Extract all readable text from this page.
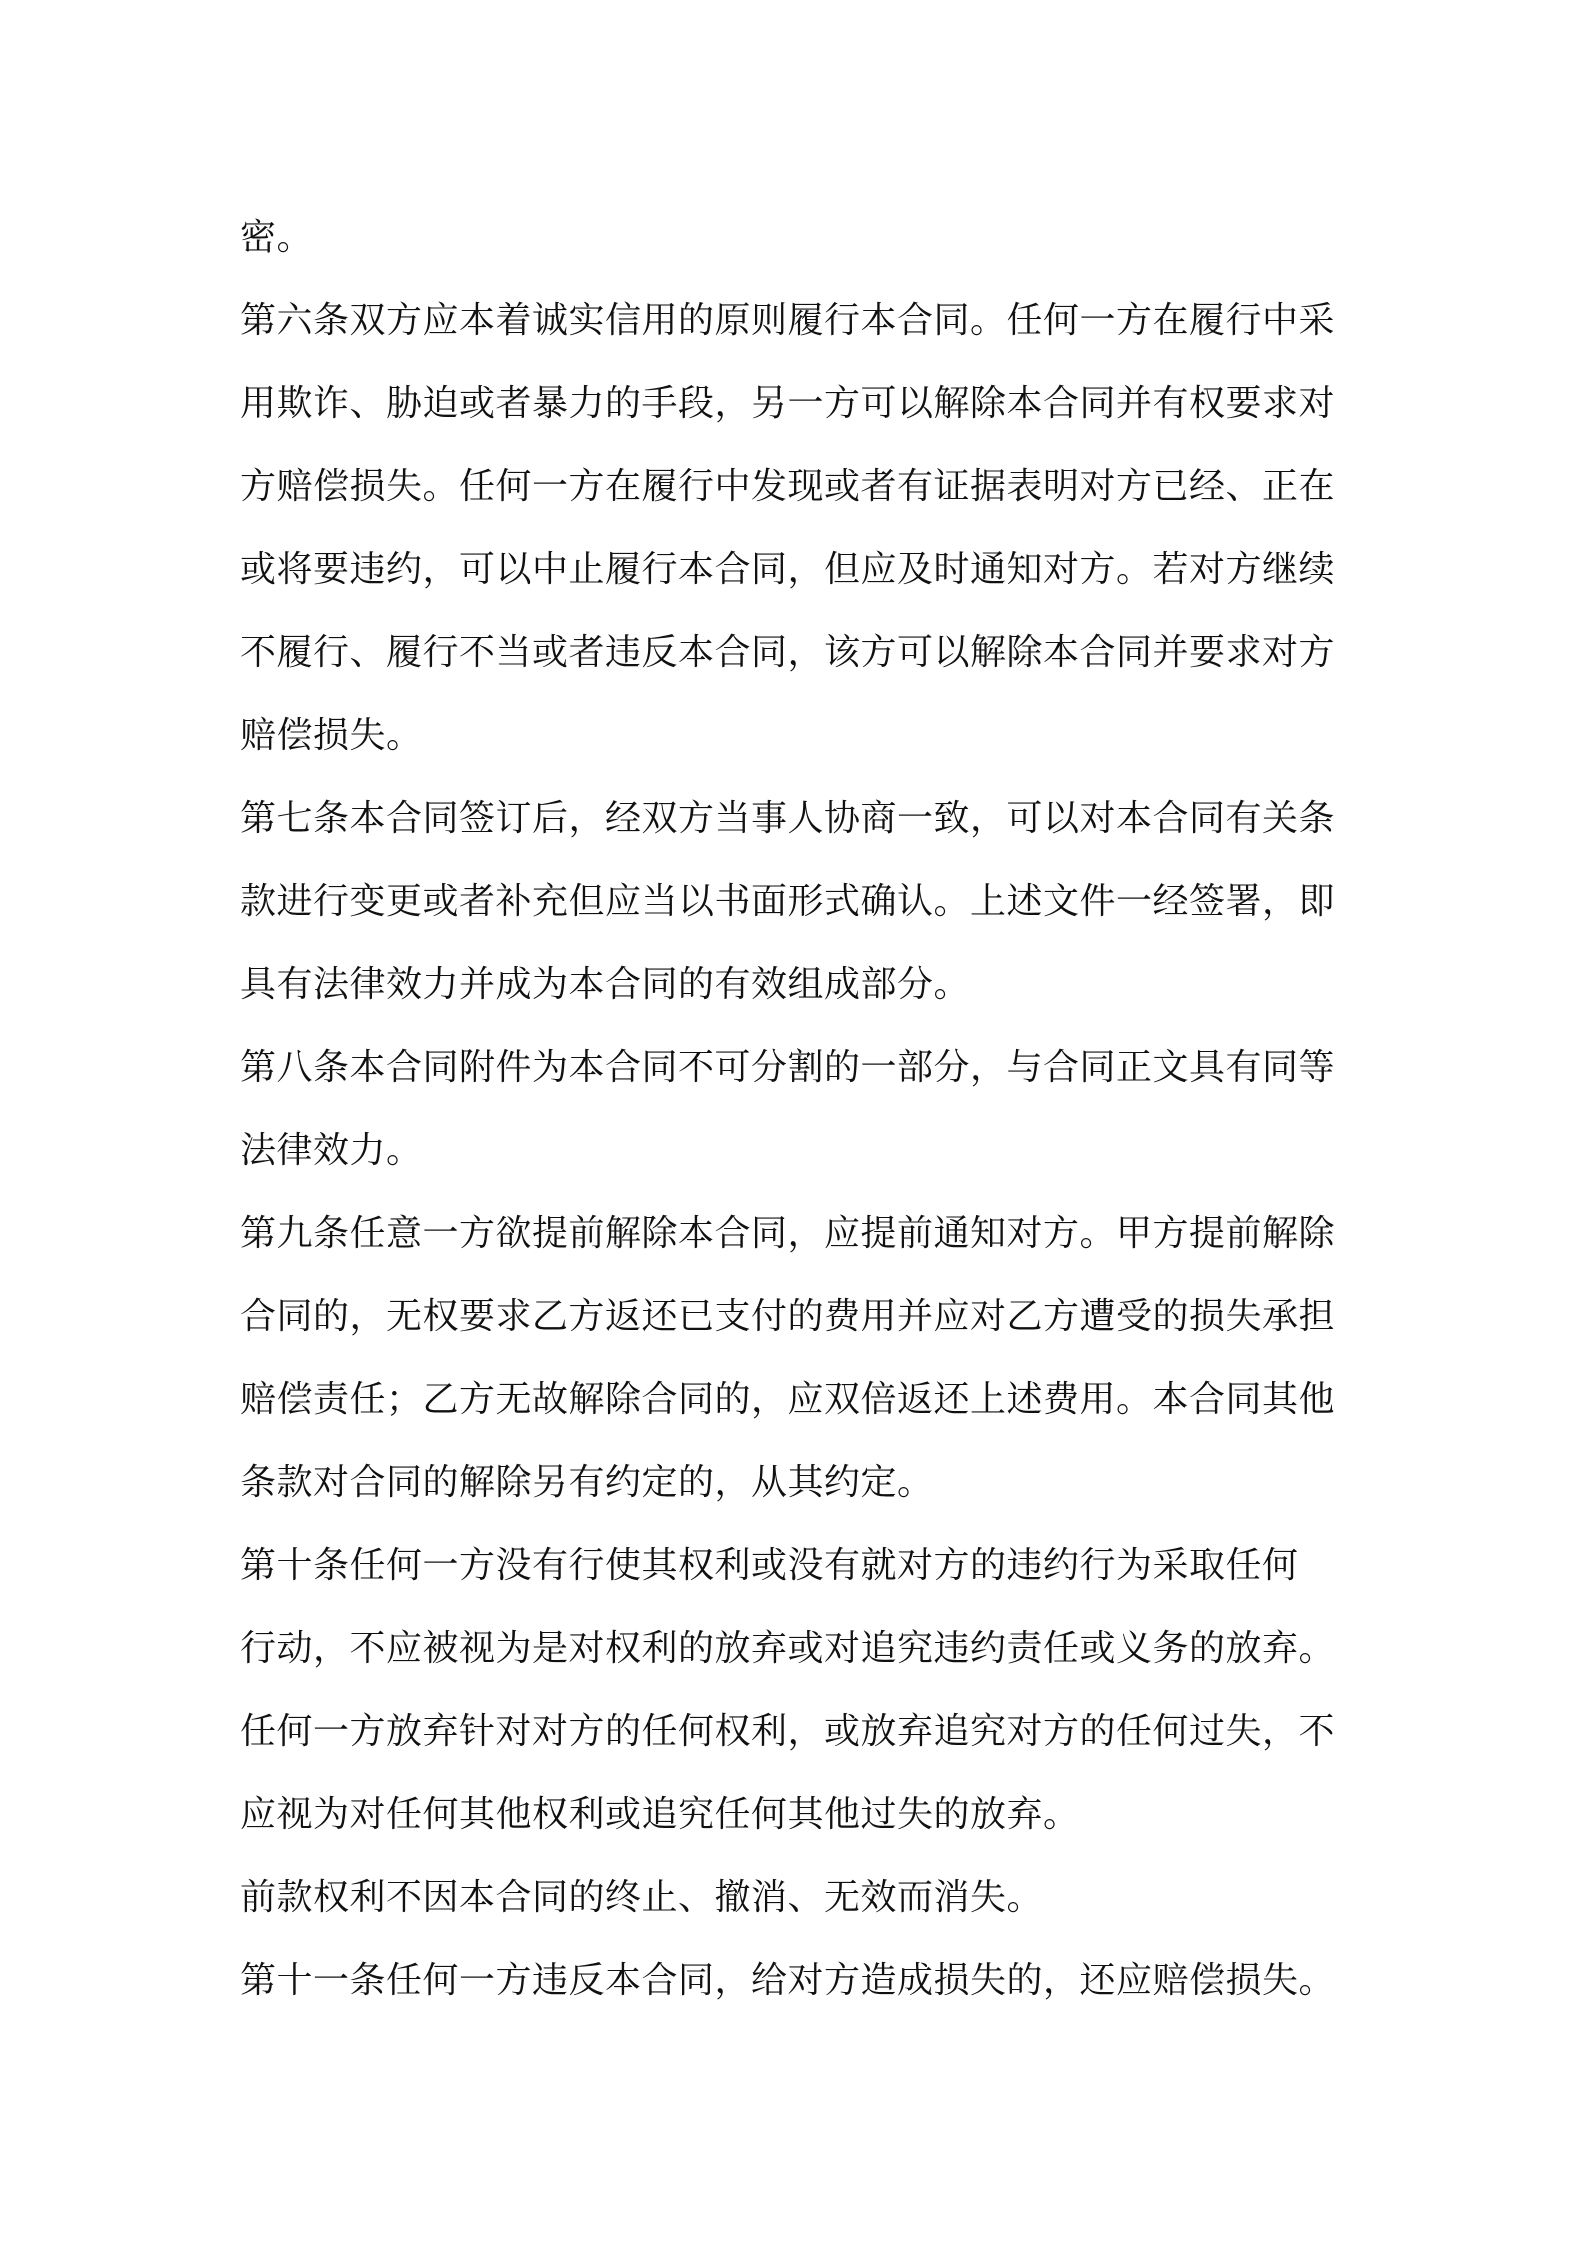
密。
第六条双方应本着诚实信用的原则履行本合同。任何一方在履行中采
用欺诈、胁迫或者暴力的手段，另一方可以解除本合同并有权要求对
方赔偿损失。任何一方在履行中发现或者有证据表明对方已经、正在
或将要违约，可以中止履行本合同，但应及时通知对方。若对方继续
不履行、履行不当或者违反本合同，该方可以解除本合同并要求对方
赔偿损失。
第七条本合同签订后，经双方当事人协商一致，可以对本合同有关条
款进行变更或者补充但应当以书面形式确认。上述文件一经签署，即
具有法律效力并成为本合同的有效组成部分。
第八条本合同附件为本合同不可分割的一部分，与合同正文具有同等
法律效力。
第九条任意一方欲提前解除本合同，应提前通知对方。甲方提前解除
合同的，无权要求乙方返还已支付的费用并应对乙方遭受的损失承担
赔偿责任；乙方无故解除合同的，应双倍返还上述费用。本合同其他
条款对合同的解除另有约定的，从其约定。
第十条任何一方没有行使其权利或没有就对方的违约行为采取任何
行动，不应被视为是对权利的放弃或对追究违约责任或义务的放弃。
任何一方放弃针对对方的任何权利，或放弃追究对方的任何过失，不
应视为对任何其他权利或追究任何其他过失的放弃。
前款权利不因本合同的终止、撤消、无效而消失。
第十一条任何一方违反本合同，给对方造成损失的，还应赔偿损失。
